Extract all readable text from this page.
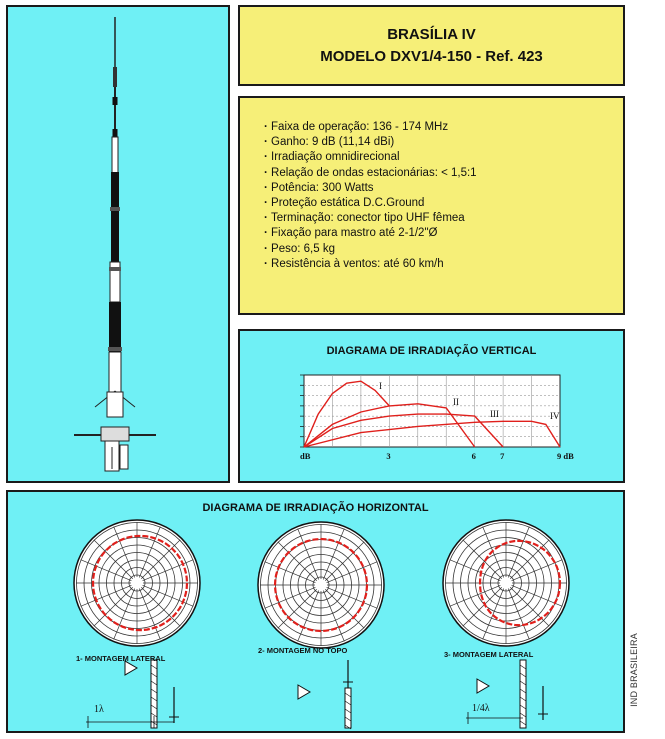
BRASÍLIA IV
MODELO DXV1/4-150 - Ref. 423
· Faixa de operação: 136 - 174 MHz
· Ganho: 9 dB (11,14 dBi)
· Irradiação omnidirecional
· Relação de ondas estacionárias: < 1,5:1
· Potência: 300 Watts
· Proteção estática D.C.Ground
· Terminação: conector tipo UHF fêmea
· Fixação para mastro até 2-1/2"Ø
· Peso: 6,5 kg
· Resistência à ventos: até 60 km/h
DIAGRAMA DE IRRADIAÇÃO VERTICAL
I
II
III	IV
dB	3	6	7	9 dB
DIAGRAMA DE IRRADIAÇÃO HORIZONTAL
1- MONTAGEM LATERAL
2- MONTAGEM NO TOPO	3- MONTAGEM LATERAL
1λ	1/4λ
IND BRASILEIRA
